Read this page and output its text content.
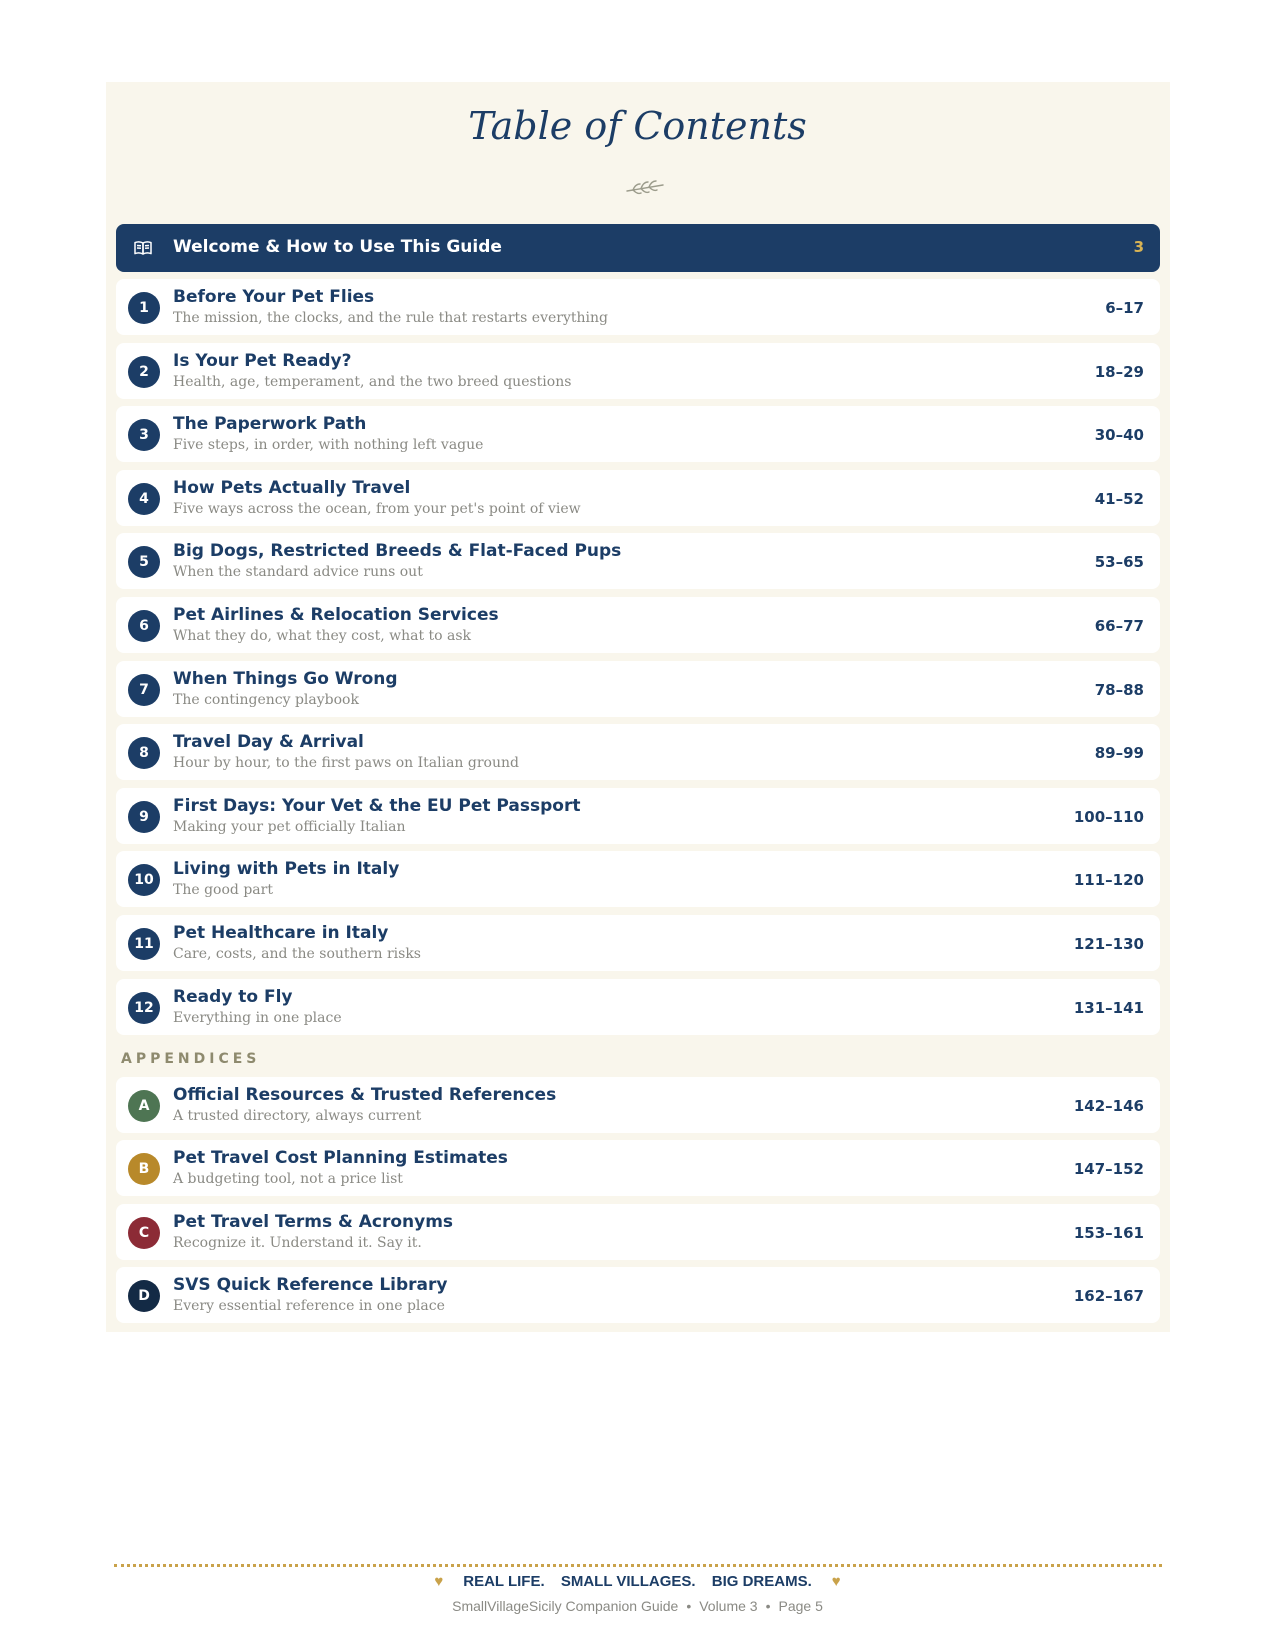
Table of Contents
Welcome & How to Use This Guide	3
1
Before Your Pet Flies
The mission, the clocks, and the rule that restarts everything
6–17
2
Is Your Pet Ready?
Health, age, temperament, and the two breed questions
18–29
3
The Paperwork Path
Five steps, in order, with nothing left vague
30–40
4
How Pets Actually Travel
Five ways across the ocean, from your pet's point of view
41–52
5
Big Dogs, Restricted Breeds & Flat-Faced Pups
When the standard advice runs out
53–65
6
Pet Airlines & Relocation Services
What they do, what they cost, what to ask
66–77
7
When Things Go Wrong
The contingency playbook
78–88
8
Travel Day & Arrival
Hour by hour, to the first paws on Italian ground
89–99
9
First Days: Your Vet & the EU Pet Passport
Making your pet officially Italian
100–110
10
Living with Pets in Italy
The good part
111–120
11
Pet Healthcare in Italy
Care, costs, and the southern risks
121–130
12
Ready to Fly
Everything in one place
131–141
A
Official Resources & Trusted References
A trusted directory, always current
142–146
B
Pet Travel Cost Planning Estimates
A budgeting tool, not a price list
147–152
C
Pet Travel Terms & Acronyms
Recognize it. Understand it. Say it.
153–161
D
SVS Quick Reference Library
Every essential reference in one place
162–167
APPENDICES
♥ REAL LIFE. SMALL VILLAGES. BIG DREAMS. ♥
SmallVillageSicily Companion Guide • Volume 3 • Page 5
